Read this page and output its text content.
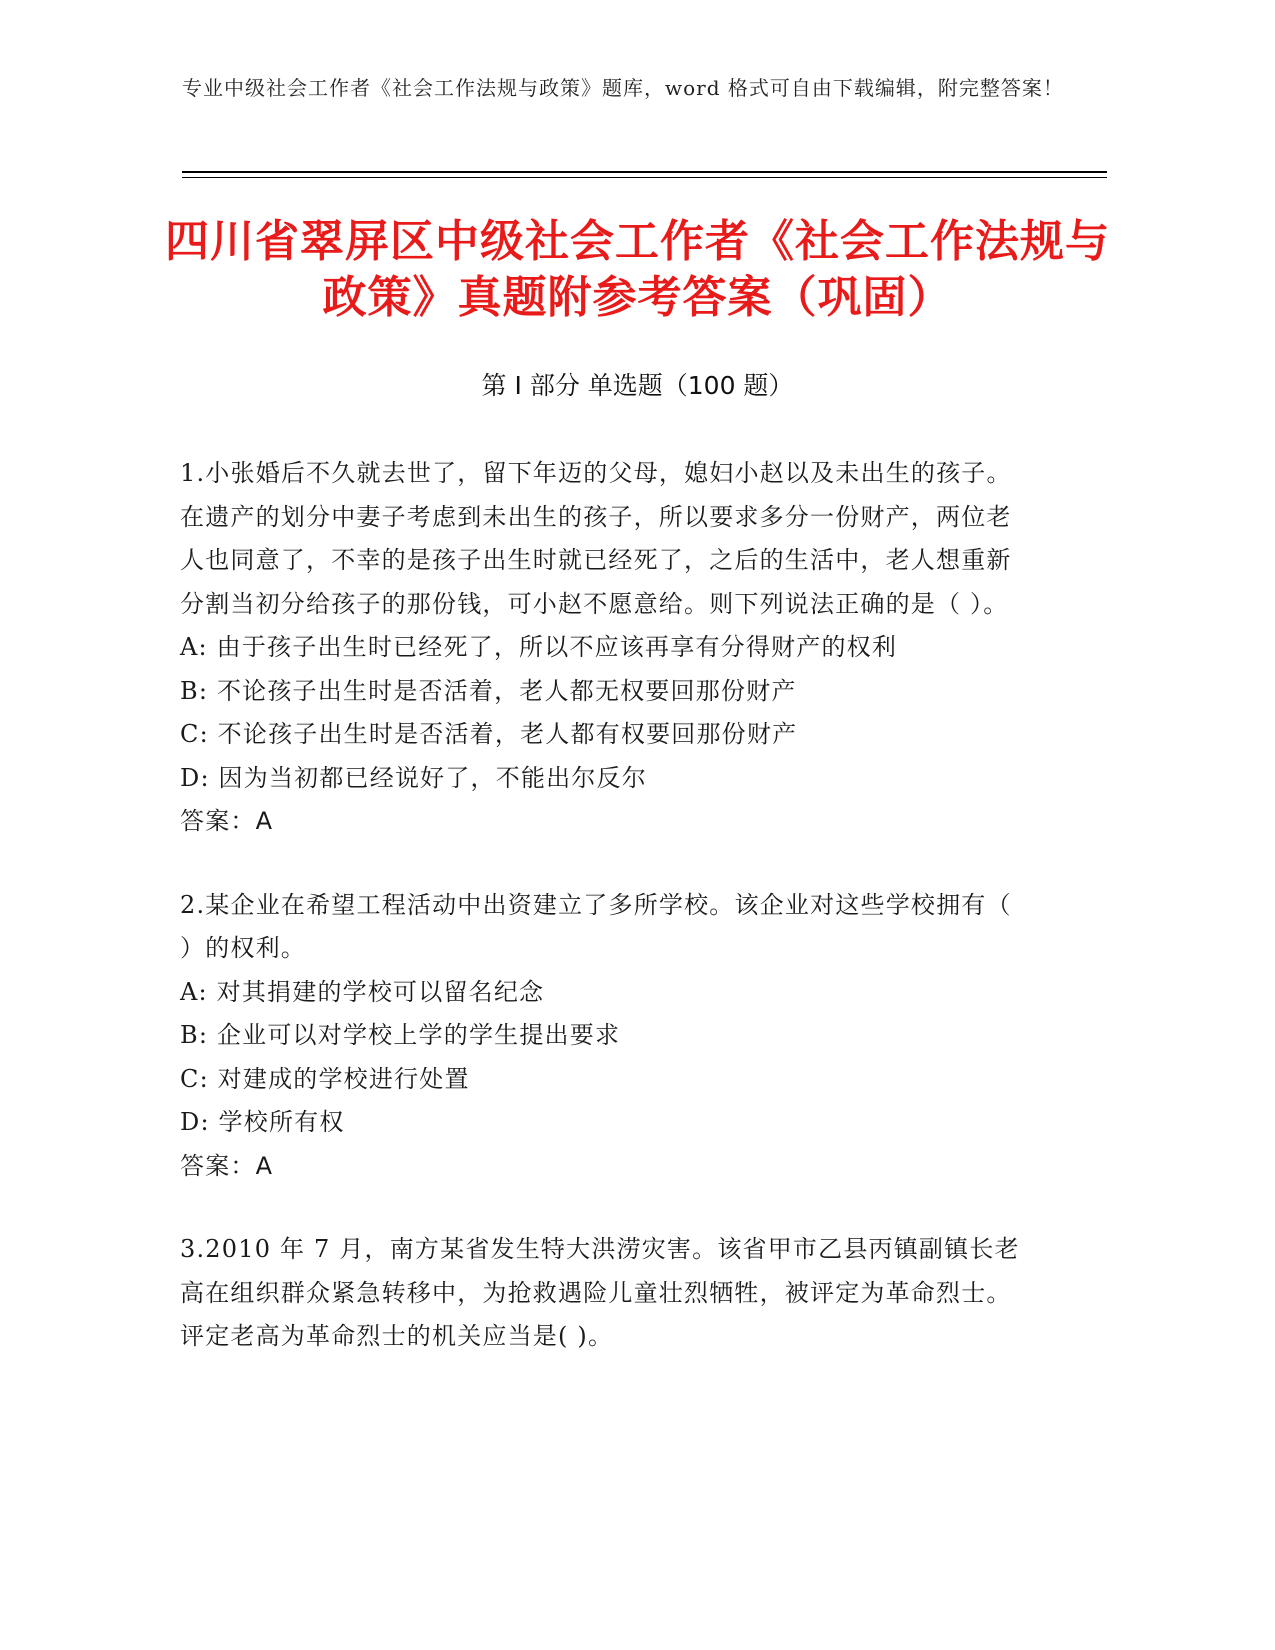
专业中级社会工作者《社会工作法规与政策》题库，word 格式可自由下载编辑，附完整答案！
四川省翠屏区中级社会工作者《社会工作法规与政策》真题附参考答案（巩固）
第 I 部分 单选题（100 题）

1.小张婚后不久就去世了，留下年迈的父母，媳妇小赵以及未出生的孩子。在遗产的划分中妻子考虑到未出生的孩子，所以要求多分一份财产，两位老人也同意了，不幸的是孩子出生时就已经死了，之后的生活中，老人想重新分割当初分给孩子的那份钱，可小赵不愿意给。则下列说法正确的是（ ）。

A: 由于孩子出生时已经死了，所以不应该再享有分得财产的权利

B: 不论孩子出生时是否活着，老人都无权要回那份财产

C: 不论孩子出生时是否活着，老人都有权要回那份财产

D: 因为当初都已经说好了，不能出尔反尔

答案：A

2.某企业在希望工程活动中出资建立了多所学校。该企业对这些学校拥有（ ）的权利。

A: 对其捐建的学校可以留名纪念

B: 企业可以对学校上学的学生提出要求

C: 对建成的学校进行处置

D: 学校所有权

答案：A

3.2010 年 7 月，南方某省发生特大洪涝灾害。该省甲市乙县丙镇副镇长老高在组织群众紧急转移中，为抢救遇险儿童壮烈牺牲，被评定为革命烈士。评定老高为革命烈士的机关应当是( )。
